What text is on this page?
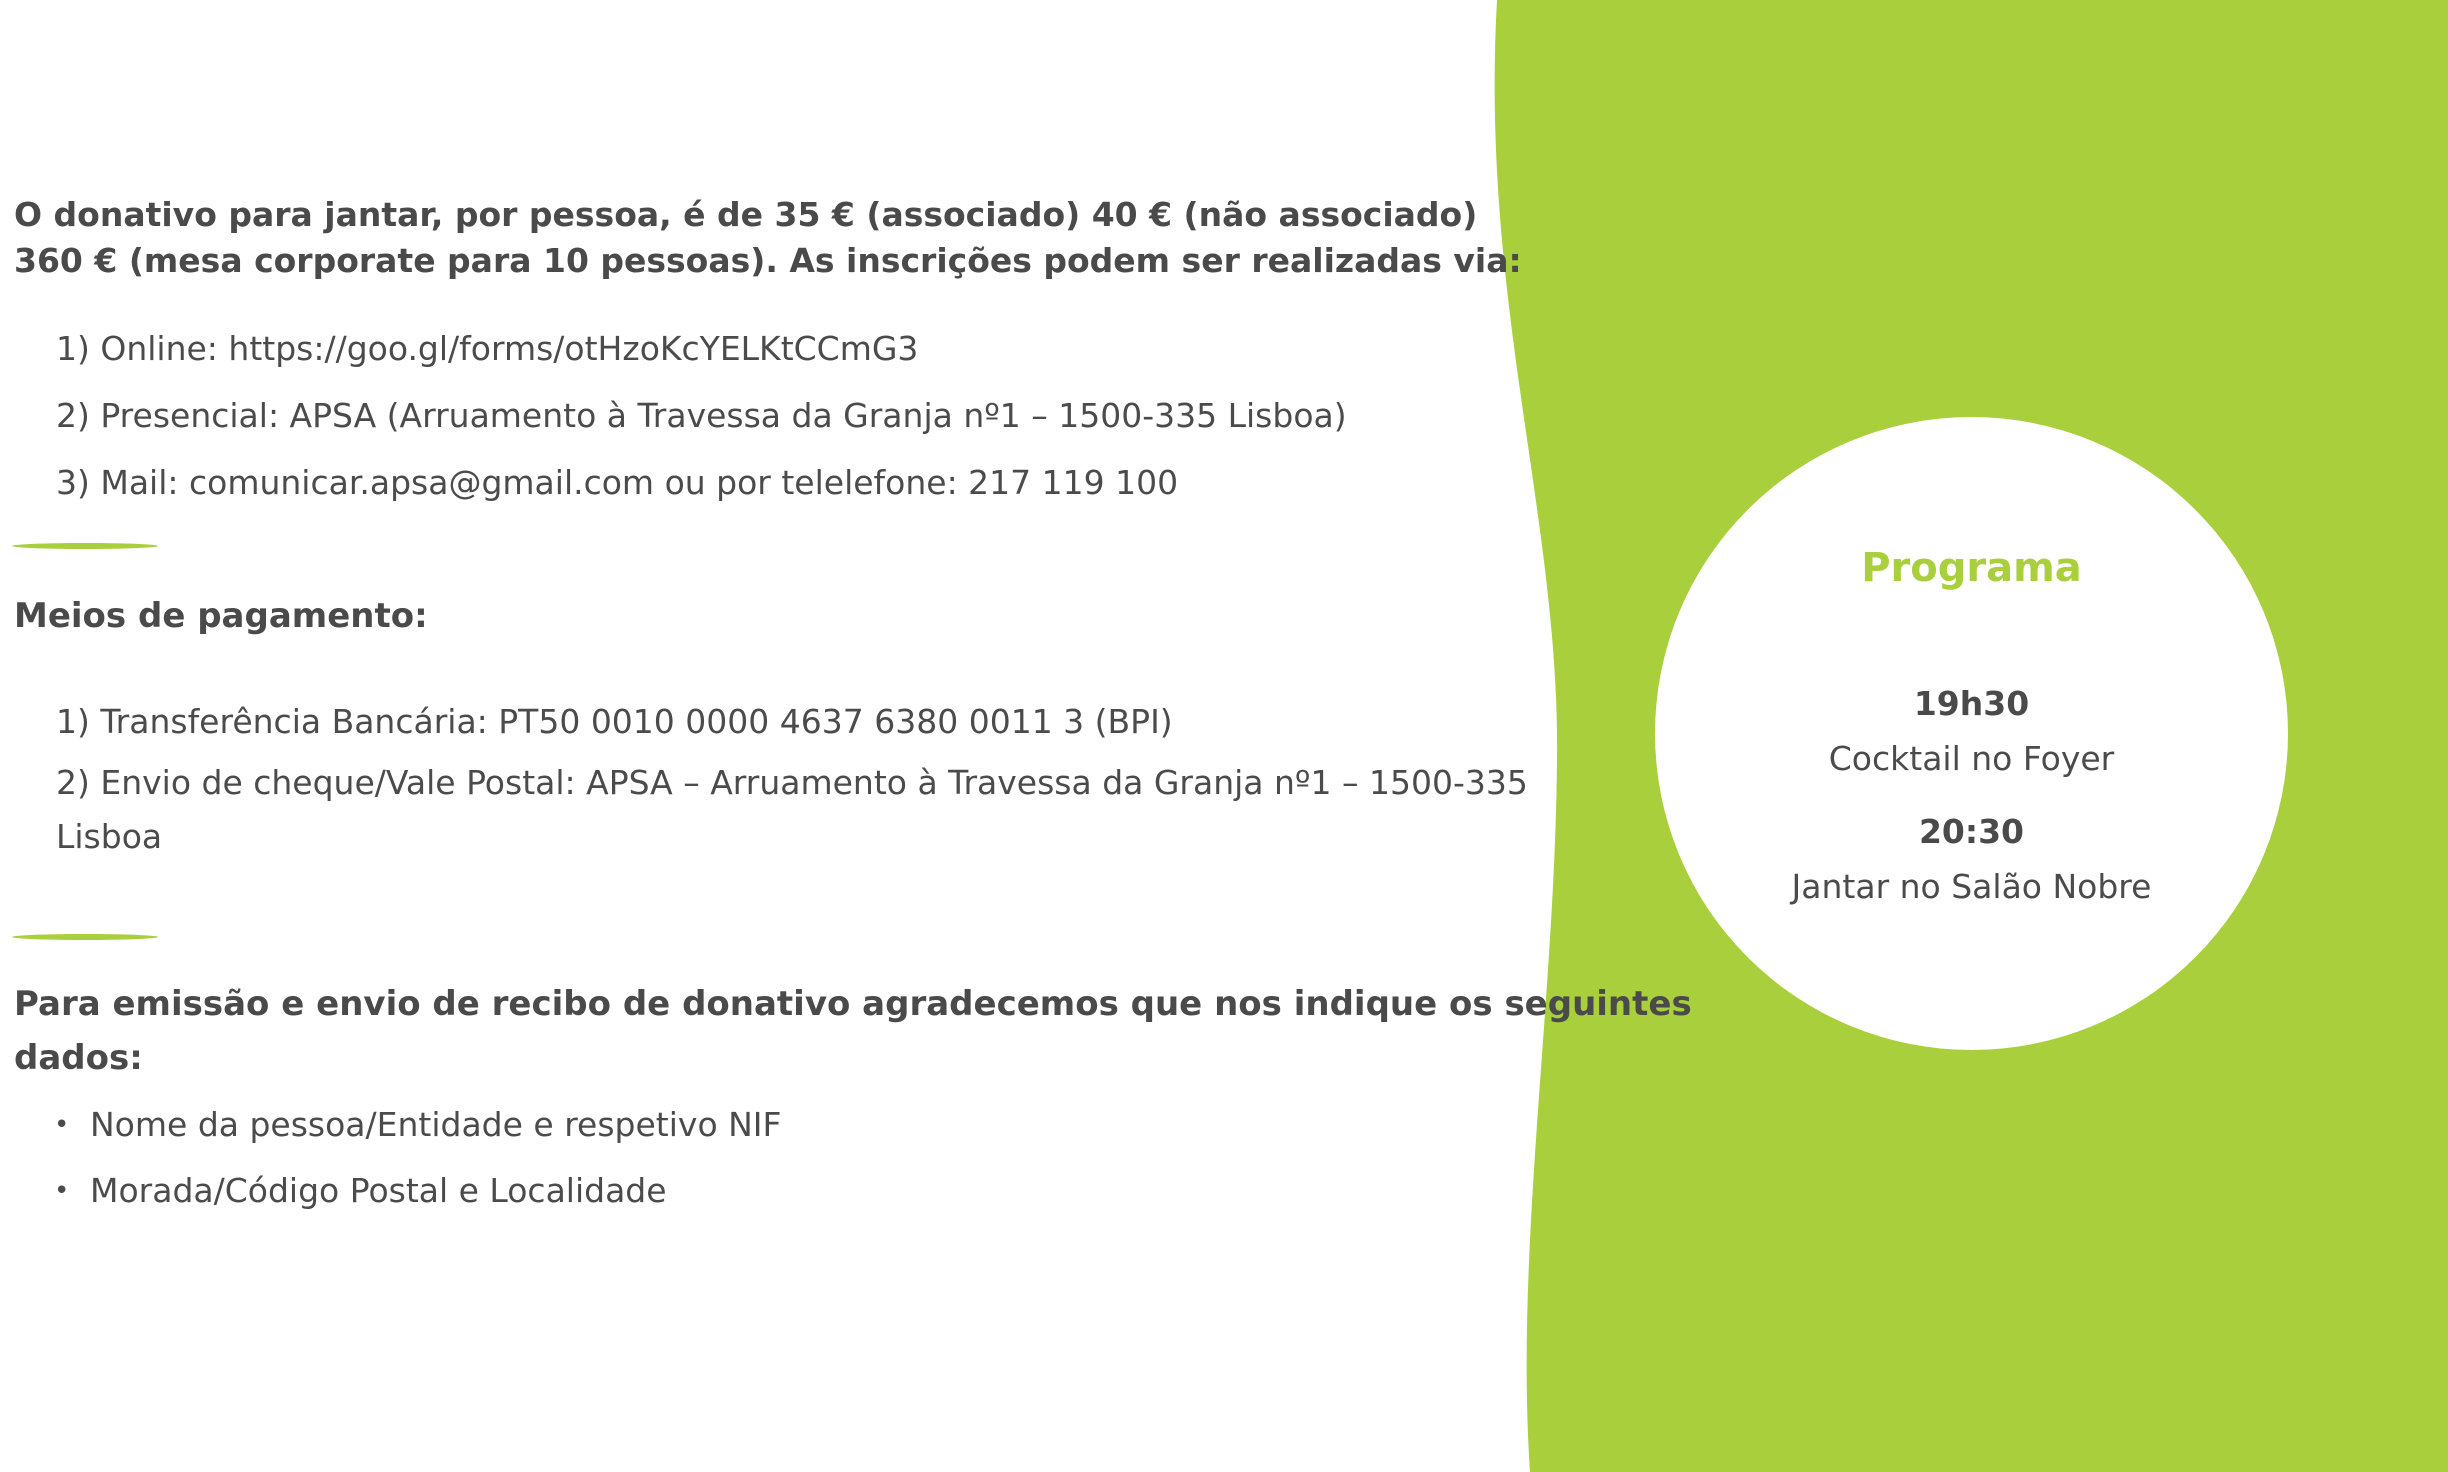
O donativo para jantar, por pessoa, é de 35 € (associado) 40 € (não associado)
360 € (mesa corporate para 10 pessoas). As inscrições podem ser realizadas via:
1) Online: https://goo.gl/forms/otHzoKcYELKtCCmG3
2) Presencial: APSA (Arruamento à Travessa da Granja nº1 – 1500-335 Lisboa)
3) Mail: comunicar.apsa@gmail.com ou por telelefone: 217 119 100
Meios de pagamento:
1) Transferência Bancária: PT50 0010 0000 4637 6380 0011 3 (BPI)
2) Envio de cheque/Vale Postal: APSA – Arruamento à Travessa da Granja nº1 – 1500-335
Lisboa
Para emissão e envio de recibo de donativo agradecemos que nos indique os seguintes
dados:
• Nome da pessoa/Entidade e respetivo NIF
• Morada/Código Postal e Localidade
Programa
19h30
Cocktail no Foyer
20:30
Jantar no Salão Nobre
